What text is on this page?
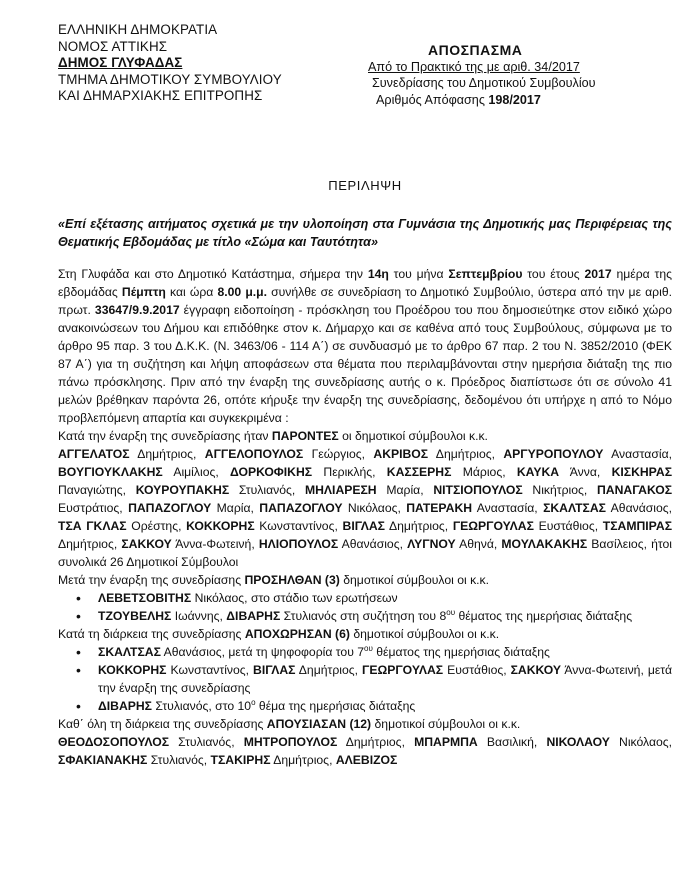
ΕΛΛΗΝΙΚΗ ΔΗΜΟΚΡΑΤΙΑ
ΝΟΜΟΣ ΑΤΤΙΚΗΣ
ΔΗΜΟΣ ΓΛΥΦΑΔΑΣ
ΤΜΗΜΑ ΔΗΜΟΤΙΚΟΥ ΣΥΜΒΟΥΛΙΟΥ
ΚΑΙ ΔΗΜΑΡΧΙΑΚΗΣ ΕΠΙΤΡΟΠΗΣ
ΑΠΟΣΠΑΣΜΑ
Από το Πρακτικό της με αριθ. 34/2017
Συνεδρίασης του Δημοτικού Συμβουλίου
Αριθμός Απόφασης 198/2017
ΠΕΡΙΛΗΨΗ
«Επί εξέτασης αιτήματος σχετικά με την υλοποίηση στα Γυμνάσια της Δημοτικής μας Περιφέρειας της Θεματικής Εβδομάδας με τίτλο «Σώμα και Ταυτότητα»

Στη Γλυφάδα και στο Δημοτικό Κατάστημα, σήμερα την 14η του μήνα Σεπτεμβρίου του έτους 2017 ημέρα της εβδομάδας Πέμπτη και ώρα 8.00 μ.μ. συνήλθε σε συνεδρίαση το Δημοτικό Συμβούλιο, ύστερα από την με αριθ. πρωτ. 33647/9.9.2017 έγγραφη ειδοποίηση - πρόσκληση του Προέδρου του που δημοσιεύτηκε στον ειδικό χώρο ανακοινώσεων του Δήμου και επιδόθηκε στον κ. Δήμαρχο και σε καθένα από τους Συμβούλους, σύμφωνα με το άρθρο 95 παρ. 3 του Δ.Κ.Κ. (Ν. 3463/06 - 114 Α΄) σε συνδυασμό με το άρθρο 67 παρ. 2 του Ν. 3852/2010 (ΦΕΚ 87 Α΄) για τη συζήτηση και λήψη αποφάσεων στα θέματα που περιλαμβάνονται στην ημερήσια διάταξη της πιο πάνω πρόσκλησης. Πριν από την έναρξη της συνεδρίασης αυτής ο κ. Πρόεδρος διαπίστωσε ότι σε σύνολο 41 μελών βρέθηκαν παρόντα 26, οπότε κήρυξε την έναρξη της συνεδρίασης, δεδομένου ότι υπήρχε η από το Νόμο προβλεπόμενη απαρτία και συγκεκριμένα :

Κατά την έναρξη της συνεδρίασης ήταν ΠΑΡΟΝΤΕΣ οι δημοτικοί σύμβουλοι κ.κ.
ΑΓΓΕΛΑΤΟΣ Δημήτριος, ΑΓΓΕΛΟΠΟΥΛΟΣ Γεώργιος, ΑΚΡΙΒΟΣ Δημήτριος, ΑΡΓΥΡΟΠΟΥΛΟΥ Αναστασία, ΒΟΥΓΙΟΥΚΛΑΚΗΣ Αιμίλιος, ΔΟΡΚΟΦΙΚΗΣ Περικλής, ΚΑΣΣΕΡΗΣ Μάριος, ΚΑΥΚΑ Άννα, ΚΙΣΚΗΡΑΣ Παναγιώτης, ΚΟΥΡΟΥΠΑΚΗΣ Στυλιανός, ΜΗΛΙΑΡΕΣΗ Μαρία, ΝΙΤΣΙΟΠΟΥΛΟΣ Νικήτριος, ΠΑΝΑΓΑΚΟΣ Ευστράτιος, ΠΑΠΑΖΟΓΛΟΥ Μαρία, ΠΑΠΑΖΟΓΛΟΥ Νικόλαος, ΠΑΤΕΡΑΚΗ Αναστασία, ΣΚΑΛΤΣΑΣ Αθανάσιος, ΤΣΑ ΓΚΛΑΣ Ορέστης, ΚΟΚΚΟΡΗΣ Κωνσταντίνος, ΒΙΓΛΑΣ Δημήτριος, ΓΕΩΡΓΟΥΛΑΣ Ευστάθιος, ΤΣΑΜΠΙΡΑΣ Δημήτριος, ΣΑΚΚΟΥ Άννα-Φωτεινή, ΗΛΙΟΠΟΥΛΟΣ Αθανάσιος, ΛΥΓΝΟΥ Αθηνά, ΜΟΥΛΑΚΑΚΗΣ Βασίλειος, ήτοι συνολικά 26 Δημοτικοί Σύμβουλοι

Μετά την έναρξη της συνεδρίασης ΠΡΟΣΗΛΘΑΝ (3) δημοτικοί σύμβουλοι οι κ.κ.

• ΛΕΒΕΤΣΟΒΙΤΗΣ Νικόλαος, στο στάδιο των ερωτήσεων
• ΤΖΟΥΒΕΛΗΣ Ιωάννης, ΔΙΒΑΡΗΣ Στυλιανός στη συζήτηση του $8^{o\upsilon}$ θέματος της ημερήσιας διάταξης

Κατά τη διάρκεια της συνεδρίασης ΑΠΟΧΩΡΗΣΑΝ (6) δημοτικοί σύμβουλοι οι κ.κ.

• ΣΚΑΛΤΣΑΣ Αθανάσιος, μετά τη ψηφοφορία του $7^{o\upsilon}$ θέματος της ημερήσιας διάταξης
• ΚΟΚΚΟΡΗΣ Κωνσταντίνος, ΒΙΓΛΑΣ Δημήτριος, ΓΕΩΡΓΟΥΛΑΣ Ευστάθιος, ΣΑΚΚΟΥ Άννα-Φωτεινή, μετά την έναρξη της συνεδρίασης
• ΔΙΒΑΡΗΣ Στυλιανός, στο $10^o$ θέμα της ημερήσιας διάταξης

Καθ΄ όλη τη διάρκεια της συνεδρίασης ΑΠΟΥΣΙΑΣΑΝ (12) δημοτικοί σύμβουλοι οι κ.κ.
ΘΕΟΔΟΣΟΠΟΥΛΟΣ Στυλιανός, ΜΗΤΡΟΠΟΥΛΟΣ Δημήτριος, ΜΠΑΡΜΠΑ Βασιλική, ΝΙΚΟΛΑΟΥ Νικόλαος, ΣΦΑΚΙΑΝΑΚΗΣ Στυλιανός, ΤΣΑΚΙΡΗΣ Δημήτριος, ΑΛΕΒΙΖΟΣ
